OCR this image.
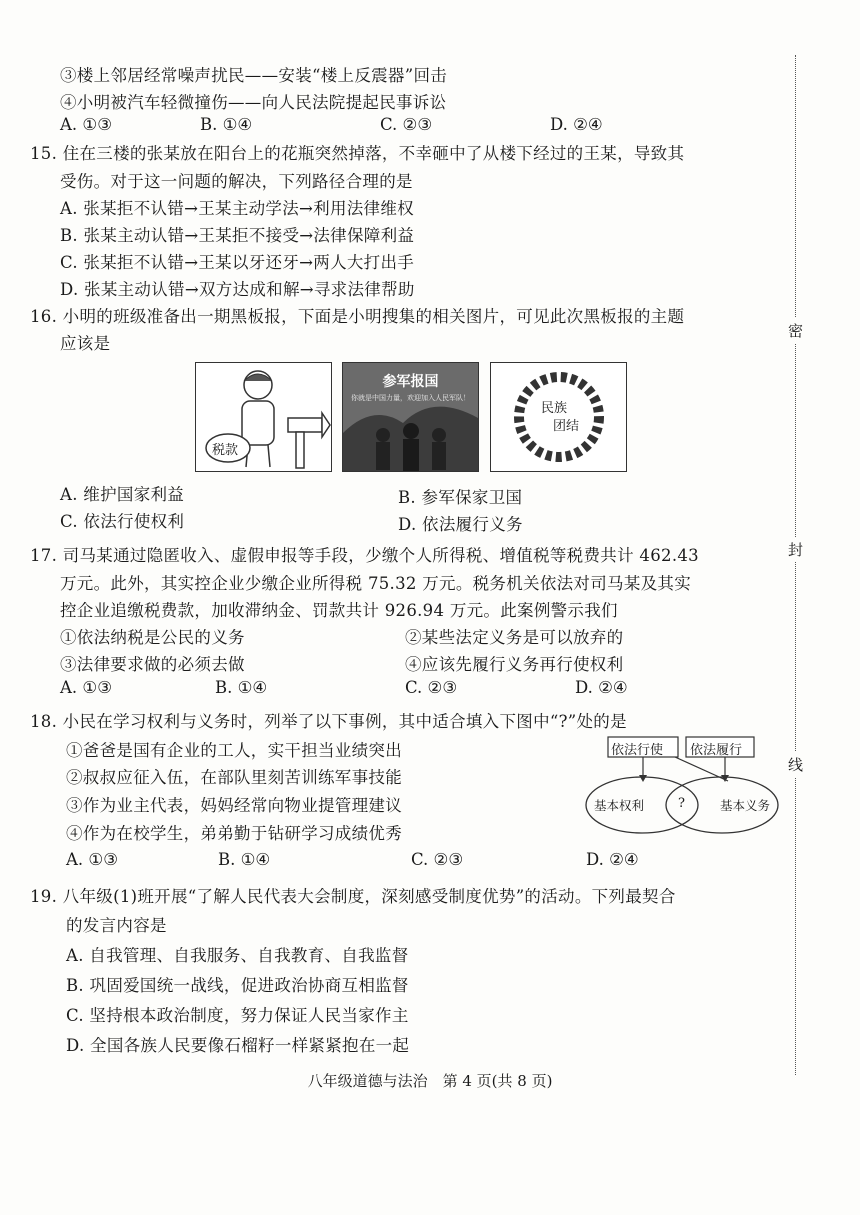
③楼上邻居经常噪声扰民——安装“楼上反震器”回击
④小明被汽车轻微撞伤——向人民法院提起民事诉讼
A. ①③	B. ①④	C. ②③	D. ②④
15. 住在三楼的张某放在阳台上的花瓶突然掉落，不幸砸中了从楼下经过的王某，导致其
受伤。对于这一问题的解决，下列路径合理的是
A. 张某拒不认错→王某主动学法→利用法律维权
B. 张某主动认错→王某拒不接受→法律保障利益
C. 张某拒不认错→王某以牙还牙→两人大打出手
D. 张某主动认错→双方达成和解→寻求法律帮助
16. 小明的班级准备出一期黑板报，下面是小明搜集的相关图片，可见此次黑板报的主题
应该是
税款
参军报国
你就是中国力量，欢迎加入人民军队！
民族
团结
A. 维护国家利益	B. 参军保家卫国
C. 依法行使权利	D. 依法履行义务
17. 司马某通过隐匿收入、虚假申报等手段，少缴个人所得税、增值税等税费共计 462.43
万元。此外，其实控企业少缴企业所得税 75.32 万元。税务机关依法对司马某及其实
控企业追缴税费款，加收滞纳金、罚款共计 926.94 万元。此案例警示我们
①依法纳税是公民的义务	②某些法定义务是可以放弃的
③法律要求做的必须去做	④应该先履行义务再行使权利
A. ①③	B. ①④	C. ②③	D. ②④
18. 小民在学习权利与义务时，列举了以下事例，其中适合填入下图中“?”处的是
①爸爸是国有企业的工人，实干担当业绩突出
②叔叔应征入伍，在部队里刻苦训练军事技能
③作为业主代表，妈妈经常向物业提管理建议
④作为在校学生，弟弟勤于钻研学习成绩优秀
依法行使 依法履行
基本权利	?	基本义务
A. ①③	B. ①④	C. ②③	D. ②④
19. 八年级(1)班开展“了解人民代表大会制度，深刻感受制度优势”的活动。下列最契合
的发言内容是
A. 自我管理、自我服务、自我教育、自我监督
B. 巩固爱国统一战线，促进政治协商互相监督
C. 坚持根本政治制度，努力保证人民当家作主
D. 全国各族人民要像石榴籽一样紧紧抱在一起
密
封
线
八年级道德与法治　第 4 页(共 8 页)
